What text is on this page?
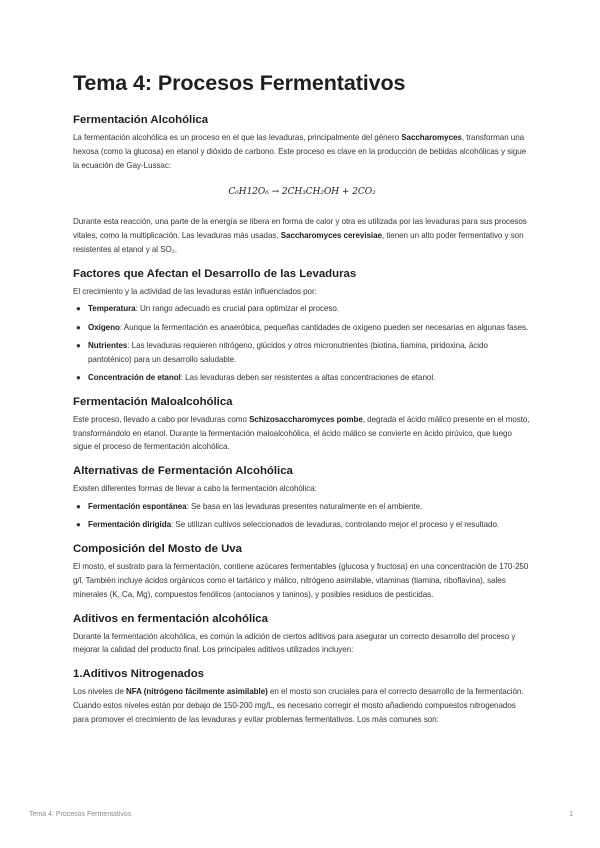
Tema 4: Procesos Fermentativos
Fermentación Alcohólica

La fermentación alcohólica es un proceso en el que las levaduras, principalmente del género Saccharomyces, transforman una hexosa (como la glucosa) en etanol y dióxido de carbono. Este proceso es clave en la producción de bebidas alcohólicas y sigue la ecuación de Gay-Lussac:

C₆H12O₆ → 2CH₃CH₂OH + 2CO₂

Durante esta reacción, una parte de la energía se libera en forma de calor y otra es utilizada por las levaduras para sus procesos vitales, como la multiplicación. Las levaduras más usadas, Saccharomyces cerevisiae, tienen un alto poder fermentativo y son resistentes al etanol y al SO₂.

Factores que Afectan el Desarrollo de las Levaduras

El crecimiento y la actividad de las levaduras están influenciados por:

● Temperatura: Un rango adecuado es crucial para optimizar el proceso.
● Oxígeno: Aunque la fermentación es anaeróbica, pequeñas cantidades de oxígeno pueden ser necesarias en algunas fases.
● Nutrientes: Las levaduras requieren nitrógeno, glúcidos y otros micronutrientes (biotina, tiamina, piridoxina, ácido pantoténico) para un desarrollo saludable.
● Concentración de etanol: Las levaduras deben ser resistentes a altas concentraciones de etanol.
Fermentación Maloalcohólica

Este proceso, llevado a cabo por levaduras como Schizosaccharomyces pombe, degrada el ácido málico presente en el mosto, transformándolo en etanol. Durante la fermentación maloalcohólica, el ácido málico se convierte en ácido pirúvico, que luego sigue el proceso de fermentación alcohólica.

Alternativas de Fermentación Alcohólica

Existen diferentes formas de llevar a cabo la fermentación alcohólica:

● Fermentación espontánea: Se basa en las levaduras presentes naturalmente en el ambiente.
● Fermentación dirigida: Se utilizan cultivos seleccionados de levaduras, controlando mejor el proceso y el resultado.
Composición del Mosto de Uva

El mosto, el sustrato para la fermentación, contiene azúcares fermentables (glucosa y fructosa) en una concentración de 170-250 g/l. También incluye ácidos orgánicos como el tartárico y málico, nitrógeno asimilable, vitaminas (tiamina, riboflavina), sales minerales (K, Ca, Mg), compuestos fenólicos (antocianos y taninos), y posibles residuos de pesticidas.

Aditivos en fermentación alcohólica

Durante la fermentación alcohólica, es común la adición de ciertos aditivos para asegurar un correcto desarrollo del proceso y mejorar la calidad del producto final. Los principales aditivos utilizados incluyen:

1.Aditivos Nitrogenados

Los niveles de NFA (nitrógeno fácilmente asimilable) en el mosto son cruciales para el correcto desarrollo de la fermentación. Cuando estos niveles están por debajo de 150-200 mg/L, es necesario corregir el mosto añadiendo compuestos nitrogenados para promover el crecimiento de las levaduras y evitar problemas fermentativos. Los más comunes son:

Tema 4: Procesos Fermentativos	1
